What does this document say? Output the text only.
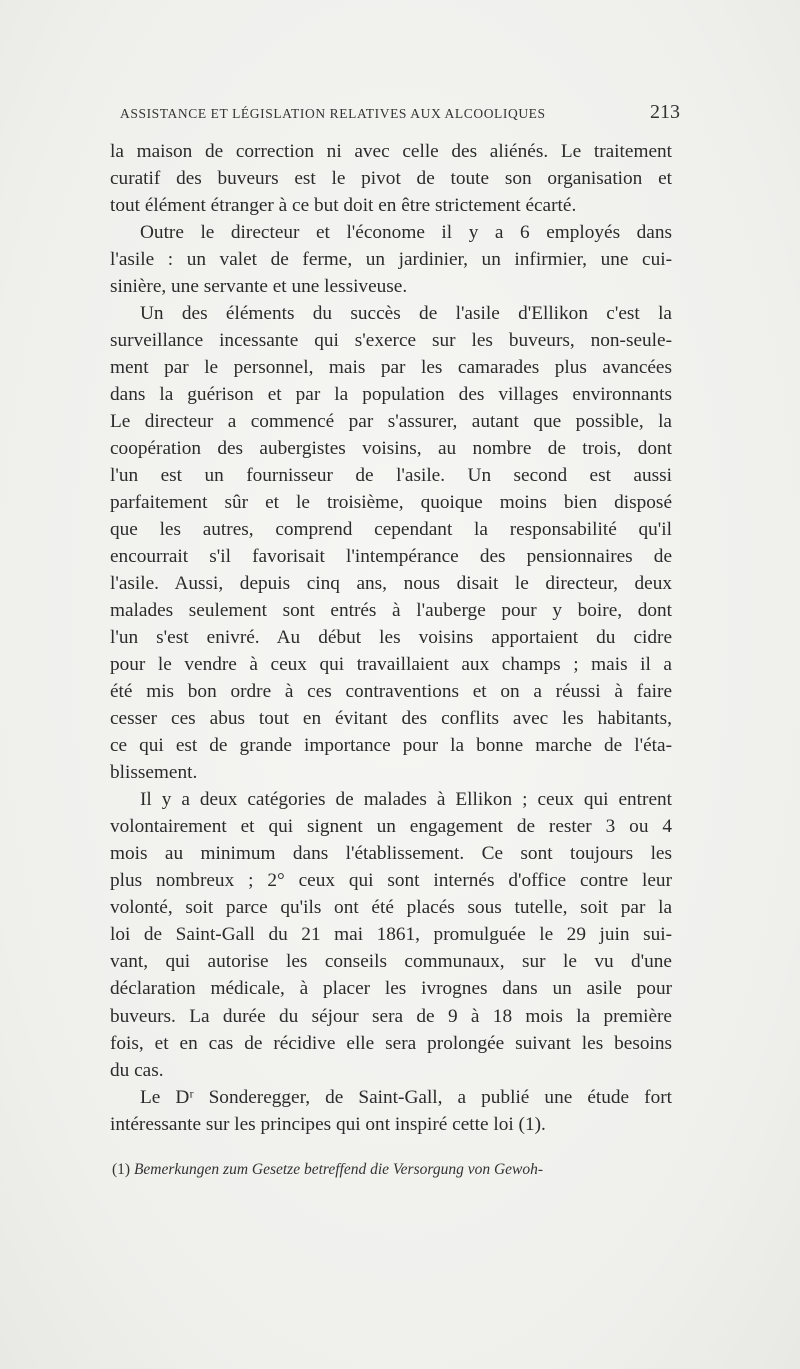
ASSISTANCE ET LÉGISLATION RELATIVES AUX ALCOOLIQUES	213
la maison de correction ni avec celle des aliénés. Le traitement
curatif des buveurs est le pivot de toute son organisation et
tout élément étranger à ce but doit en être strictement écarté.
Outre le directeur et l'économe il y a 6 employés dans
l'asile : un valet de ferme, un jardinier, un infirmier, une cui-
sinière, une servante et une lessiveuse.
Un des éléments du succès de l'asile d'Ellikon c'est la
surveillance incessante qui s'exerce sur les buveurs, non-seule-
ment par le personnel, mais par les camarades plus avancées
dans la guérison et par la population des villages environnants
Le directeur a commencé par s'assurer, autant que possible, la
coopération des aubergistes voisins, au nombre de trois, dont
l'un est un fournisseur de l'asile. Un second est aussi
parfaitement sûr et le troisième, quoique moins bien disposé
que les autres, comprend cependant la responsabilité qu'il
encourrait s'il favorisait l'intempérance des pensionnaires de
l'asile. Aussi, depuis cinq ans, nous disait le directeur, deux
malades seulement sont entrés à l'auberge pour y boire, dont
l'un s'est enivré. Au début les voisins apportaient du cidre
pour le vendre à ceux qui travaillaient aux champs ; mais il a
été mis bon ordre à ces contraventions et on a réussi à faire
cesser ces abus tout en évitant des conflits avec les habitants,
ce qui est de grande importance pour la bonne marche de l'éta-
blissement.
Il y a deux catégories de malades à Ellikon ; ceux qui entrent
volontairement et qui signent un engagement de rester 3 ou 4
mois au minimum dans l'établissement. Ce sont toujours les
plus nombreux ; 2° ceux qui sont internés d'office contre leur
volonté, soit parce qu'ils ont été placés sous tutelle, soit par la
loi de Saint-Gall du 21 mai 1861, promulguée le 29 juin sui-
vant, qui autorise les conseils communaux, sur le vu d'une
déclaration médicale, à placer les ivrognes dans un asile pour
buveurs. La durée du séjour sera de 9 à 18 mois la première
fois, et en cas de récidive elle sera prolongée suivant les besoins
du cas.
Le Dʳ Sonderegger, de Saint-Gall, a publié une étude fort
intéressante sur les principes qui ont inspiré cette loi (1).
(1) Bemerkungen zum Gesetze betreffend die Versorgung von Gewoh-
